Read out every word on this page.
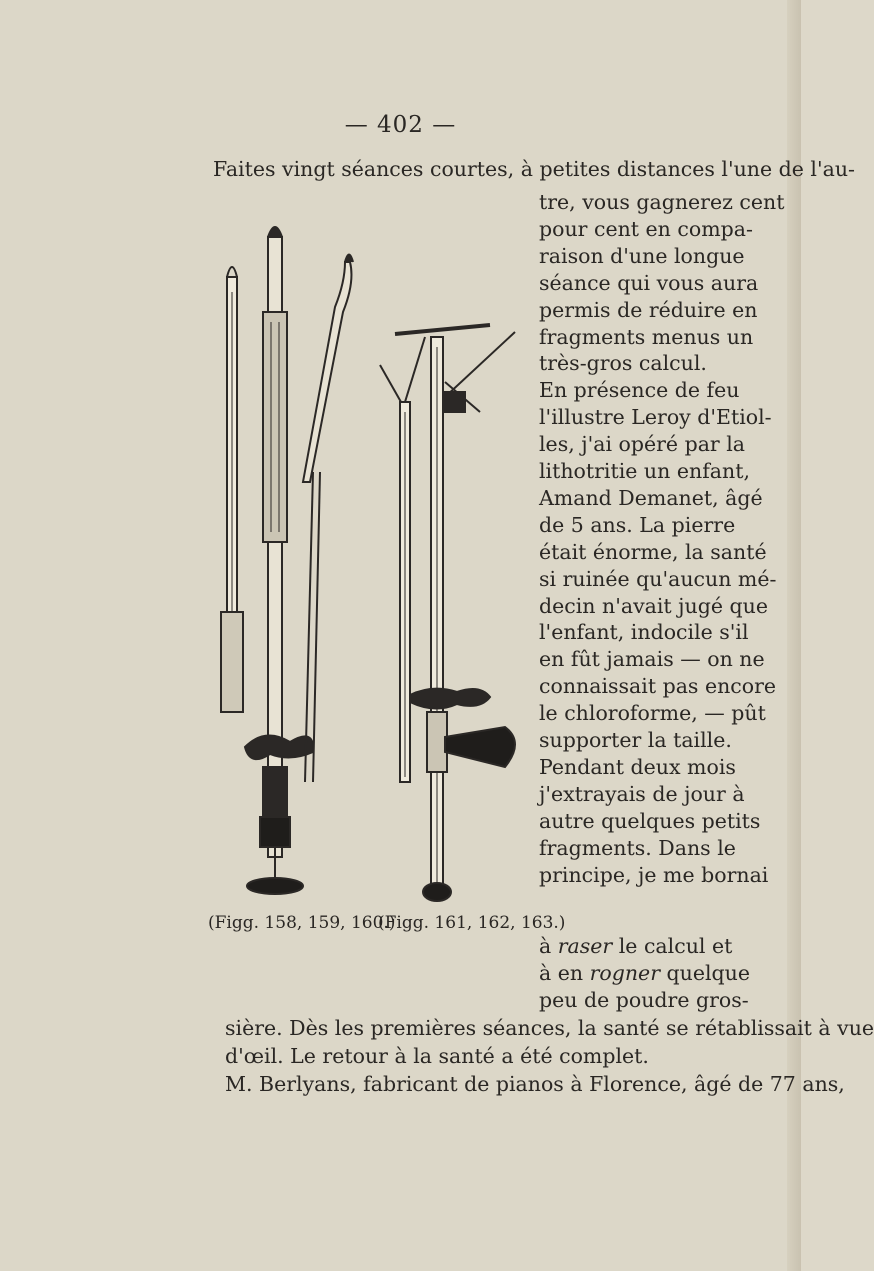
— 402 —
Faites vingt séances courtes, à petites distances l'une de l'au-
tre, vous gagnerez cent
pour cent en compa-
raison d'une longue
séance qui vous aura
permis de réduire en
fragments menus un
très-gros calcul.
En présence de feu
l'illustre Leroy d'Etiol-
les, j'ai opéré par la
lithotritie un enfant,
Amand Demanet, âgé
de 5 ans. La pierre
était énorme, la santé
si ruinée qu'aucun mé-
decin n'avait jugé que
l'enfant, indocile s'il
en fût jamais — on ne
connaissait pas encore
le chloroforme, — pût
supporter la taille.
Pendant deux mois
j'extrayais de jour à
autre quelques petits
fragments. Dans le
principe, je me bornai
à raser le calcul et
à en rogner quelque
peu de poudre gros-
sière. Dès les premières séances, la santé se rétablissait à vue
d'œil. Le retour à la santé a été complet.
M. Berlyans, fabricant de pianos à Florence, âgé de 77 ans,
(Figg. 158, 159, 160.)
(Figg. 161, 162, 163.)
